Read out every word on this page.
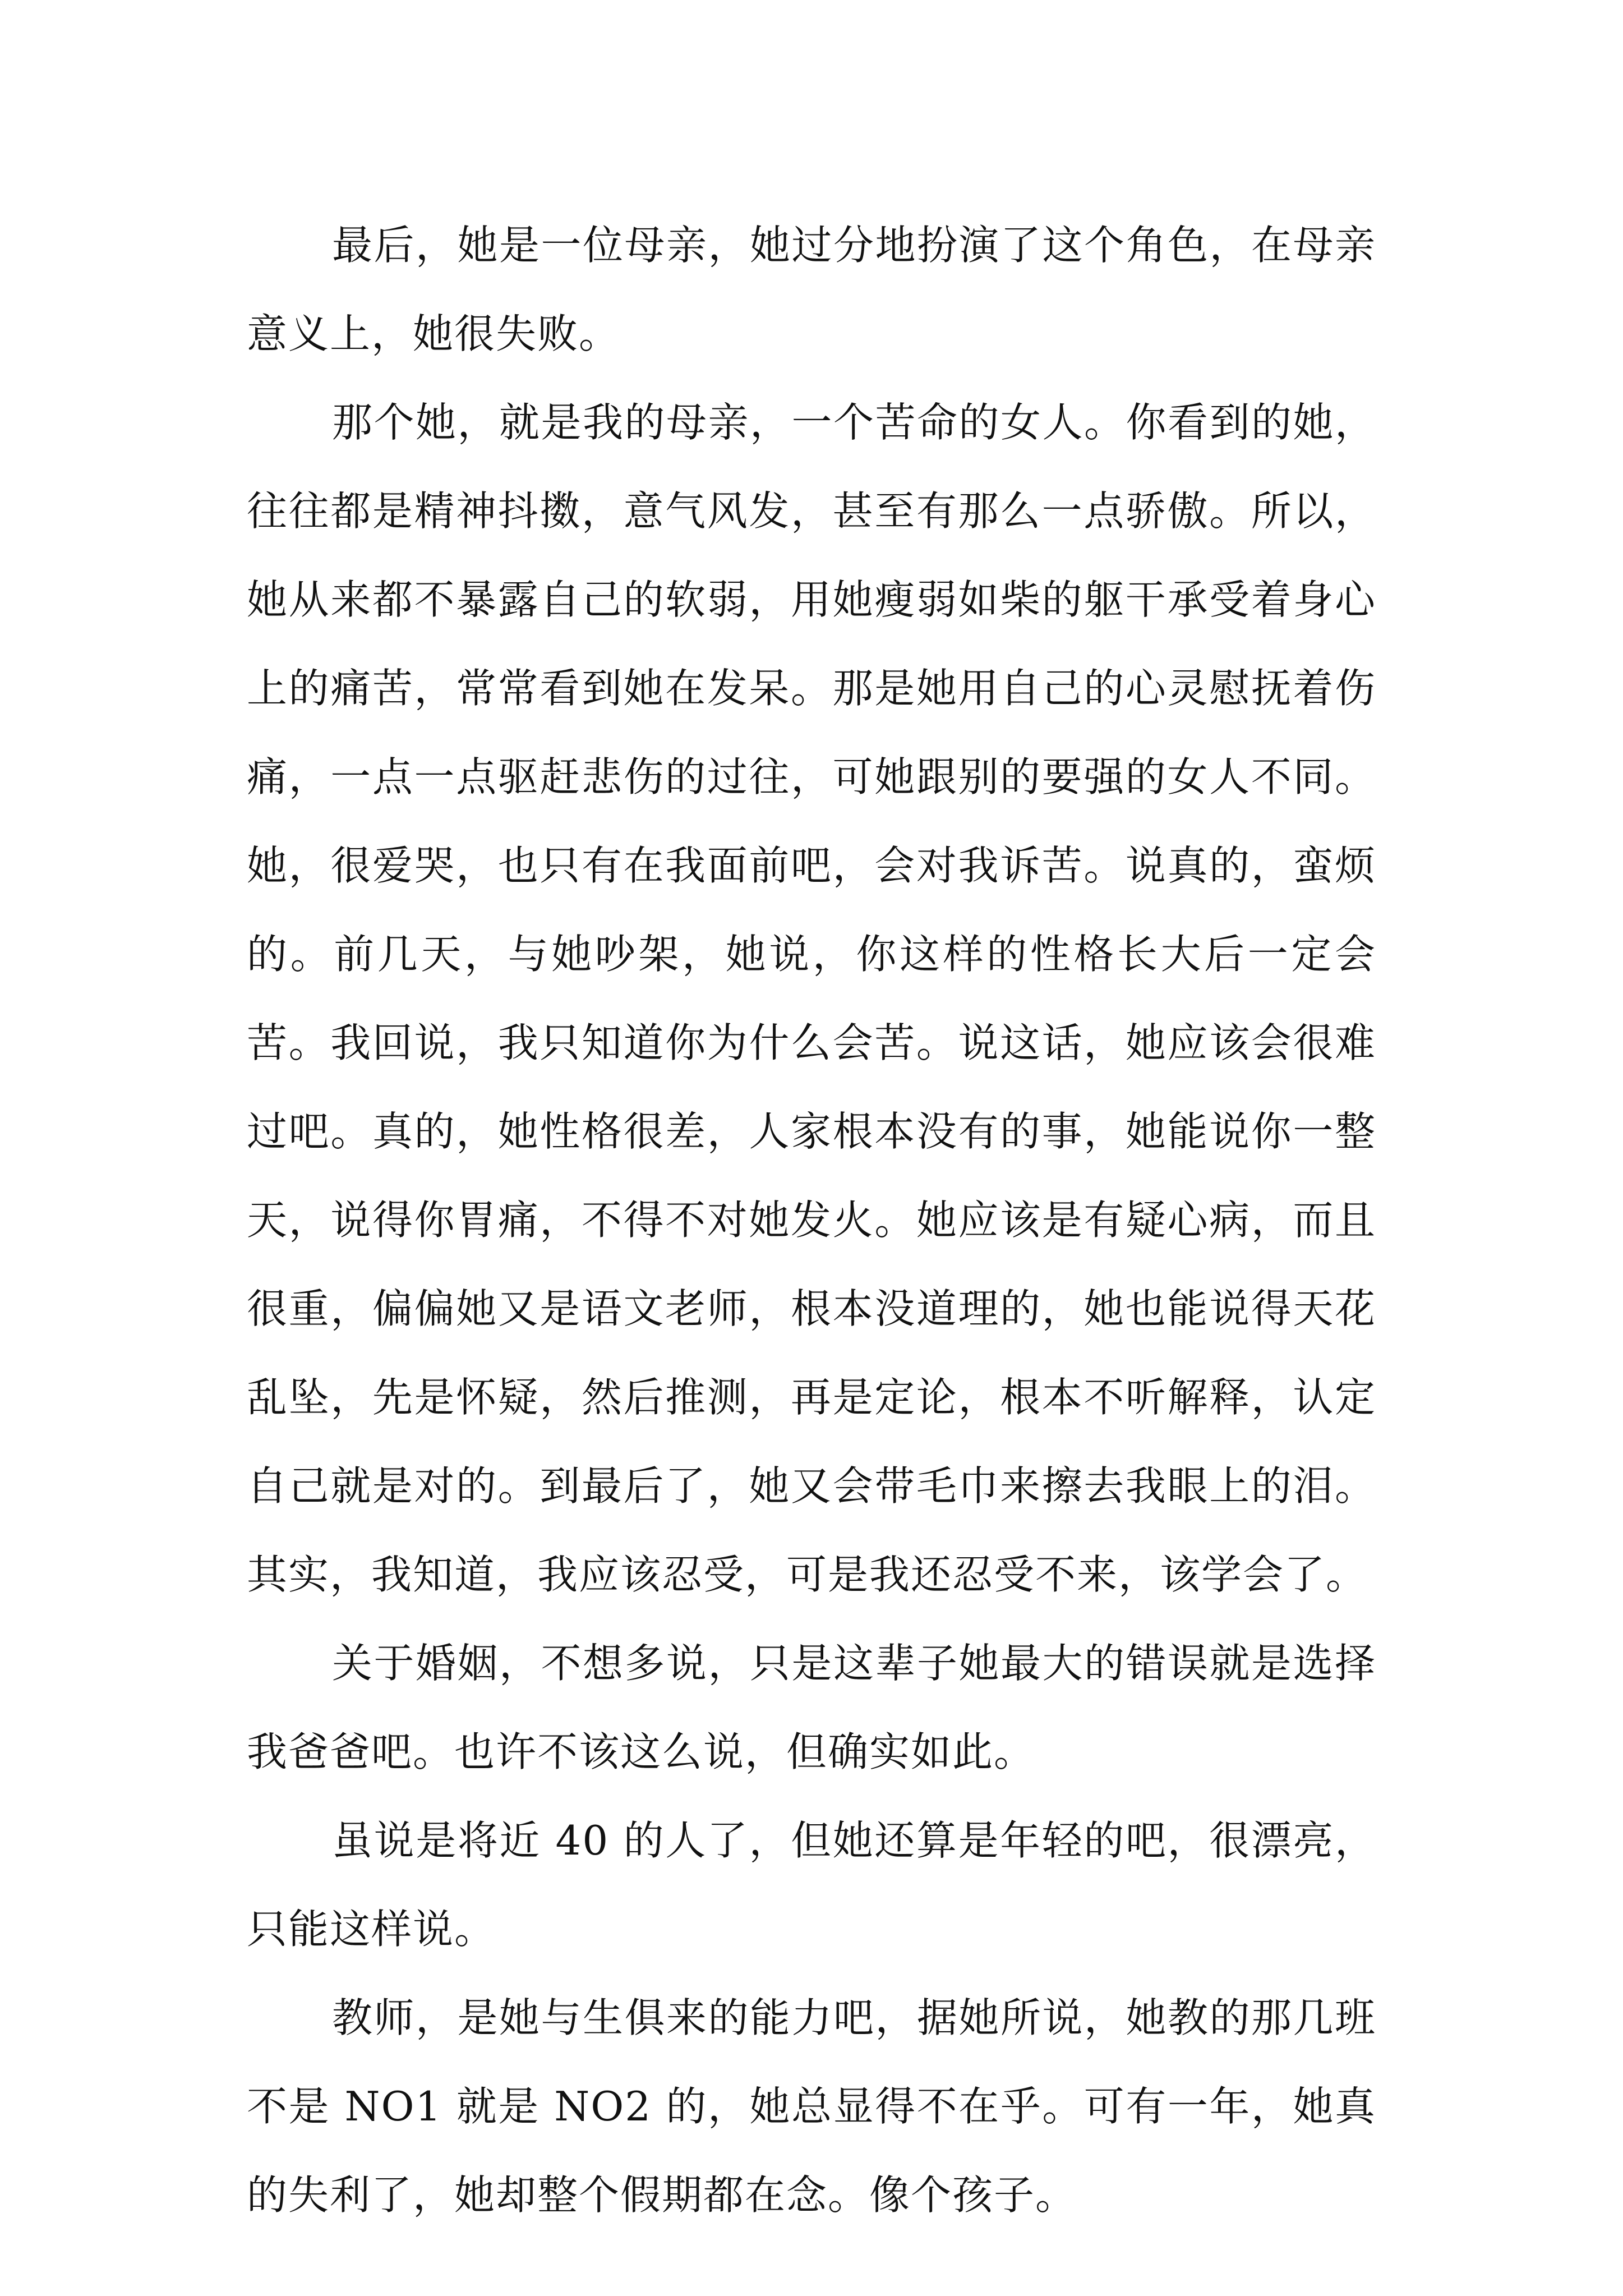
最后，她是一位母亲，她过分地扮演了这个角色，在母亲意义上，她很失败。

那个她，就是我的母亲，一个苦命的女人。你看到的她，往往都是精神抖擞，意气风发，甚至有那么一点骄傲。所以，她从来都不暴露自己的软弱，用她瘦弱如柴的躯干承受着身心上的痛苦，常常看到她在发呆。那是她用自己的心灵慰抚着伤痛，一点一点驱赶悲伤的过往，可她跟别的要强的女人不同。她，很爱哭，也只有在我面前吧，会对我诉苦。说真的，蛮烦的。前几天，与她吵架，她说，你这样的性格长大后一定会苦。我回说，我只知道你为什么会苦。说这话，她应该会很难过吧。真的，她性格很差，人家根本没有的事，她能说你一整天，说得你胃痛，不得不对她发火。她应该是有疑心病，而且很重，偏偏她又是语文老师，根本没道理的，她也能说得天花乱坠，先是怀疑，然后推测，再是定论，根本不听解释，认定自己就是对的。到最后了，她又会带毛巾来擦去我眼上的泪。其实，我知道，我应该忍受，可是我还忍受不来，该学会了。

关于婚姻，不想多说，只是这辈子她最大的错误就是选择我爸爸吧。也许不该这么说，但确实如此。

虽说是将近 40 的人了，但她还算是年轻的吧，很漂亮，只能这样说。

教师，是她与生俱来的能力吧，据她所说，她教的那几班不是 NO1 就是 NO2 的，她总显得不在乎。可有一年，她真的失利了，她却整个假期都在念。像个孩子。
